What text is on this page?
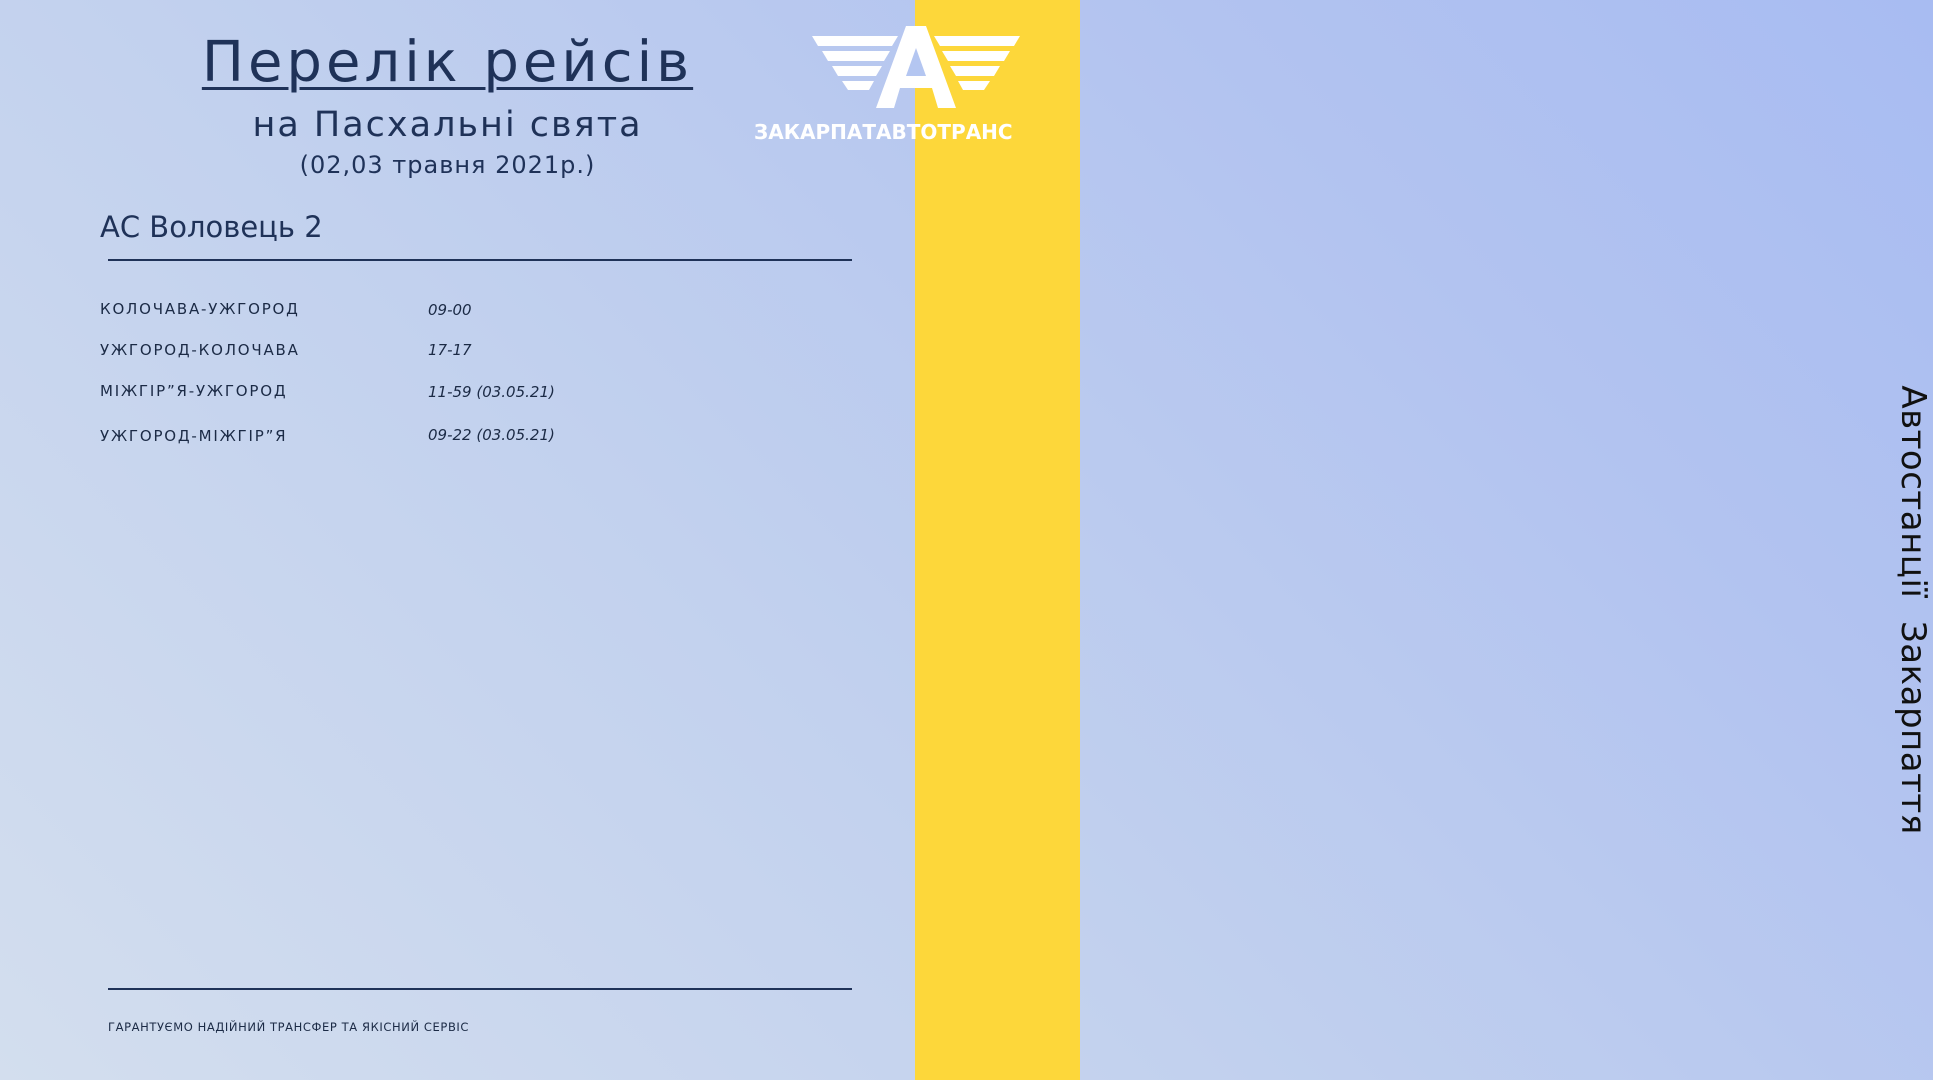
Автостанції  Закарпаття
Перелік рейсів
на Пасхальні свята
(02,03 травня 2021р.)
ЗАКАРПАТАВТОТРАНС
АС Воловець 2
КОЛОЧАВА-УЖГОРОД	09-00
УЖГОРОД-КОЛОЧАВА	17-17
МІЖГІР”Я-УЖГОРОД	11-59 (03.05.21)
УЖГОРОД-МІЖГІР”Я	09-22 (03.05.21)
ГАРАНТУЄМО НАДІЙНИЙ ТРАНСФЕР ТА ЯКІСНИЙ СЕРВІС
